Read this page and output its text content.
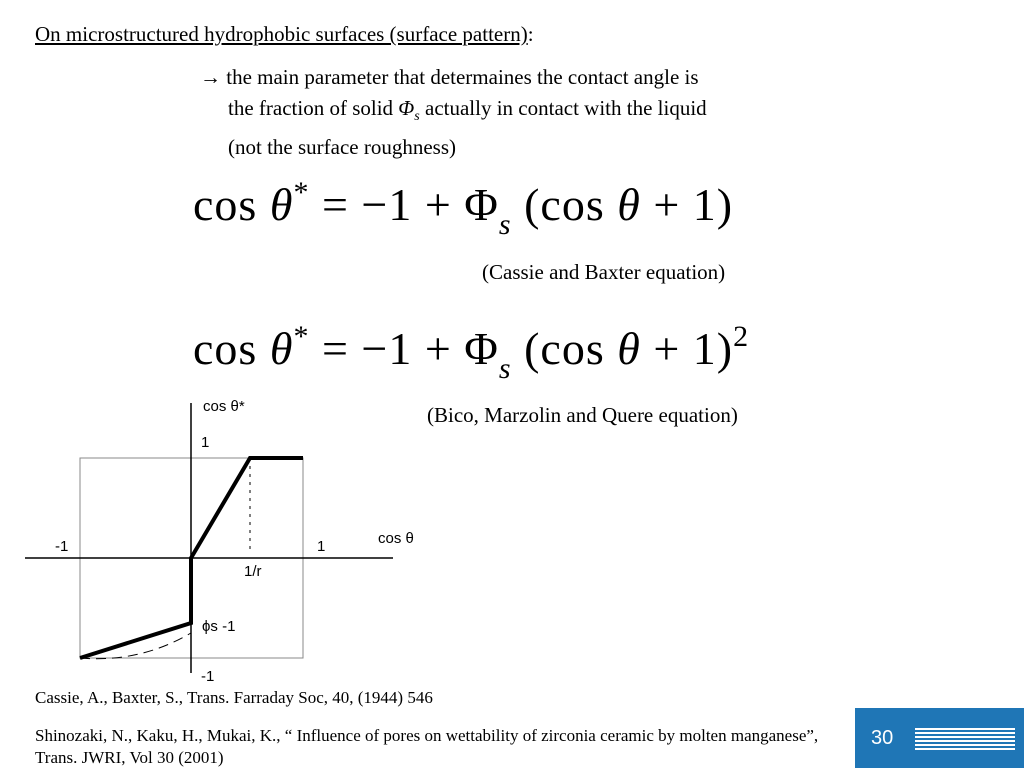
On microstructured hydrophobic surfaces (surface pattern):
→ the main parameter that determaines the contact angle is
the fraction of solid $\Phi_s$ actually in contact with the liquid
(not the surface roughness)
$\cos \theta^* = -1 + \Phi_s$ (cos θ + 1)
(Cassie and Baxter equation)
$\cos \theta^* = -1 + \Phi_s$ (cos θ + 1)$^2$
(Bico, Marzolin and Quere equation)
cos θ*
cos θ
1
-1
-1	1
1/r
ϕs -1
Cassie, A., Baxter, S., Trans. Farraday Soc, 40, (1944) 546
Shinozaki, N., Kaku, H., Mukai, K., “ Influence of pores on wettability of zirconia ceramic by molten manganese”, Trans. JWRI, Vol 30 (2001)
30
